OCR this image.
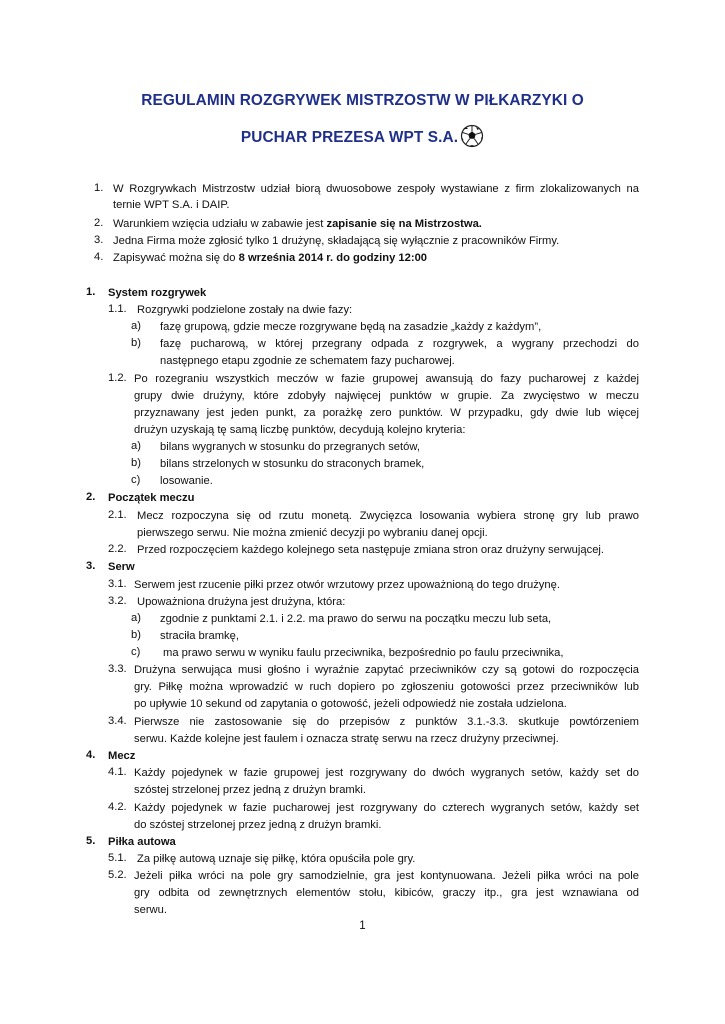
REGULAMIN ROZGRYWEK MISTRZOSTW W PIŁKARZYKI O
PUCHAR PREZESA WPT S.A.
1. W Rozgrywkach Mistrzostw udział biorą dwuosobowe zespoły wystawiane z firm zlokalizowanych na
ternie WPT S.A. i DAIP.
2. Warunkiem wzięcia udziału w zabawie jest zapisanie się na Mistrzostwa.
3. Jedna Firma może zgłosić tylko 1 drużynę, składającą się wyłącznie z pracowników Firmy.
4. Zapisywać można się do 8 września 2014 r. do godziny 12:00
1. System rozgrywek
1.1. Rozgrywki podzielone zostały na dwie fazy:
a) fazę grupową, gdzie mecze rozgrywane będą na zasadzie „każdy z każdym”,
b) fazę pucharową, w której przegrany odpada z rozgrywek, a wygrany przechodzi do
następnego etapu zgodnie ze schematem fazy pucharowej.
1.2. Po rozegraniu wszystkich meczów w fazie grupowej awansują do fazy pucharowej z każdej
grupy dwie drużyny, które zdobyły najwięcej punktów w grupie. Za zwycięstwo w meczu
przyznawany jest jeden punkt, za porażkę zero punktów. W przypadku, gdy dwie lub więcej
drużyn uzyskają tę samą liczbę punktów, decydują kolejno kryteria:
a) bilans wygranych w stosunku do przegranych setów,
b) bilans strzelonych w stosunku do straconych bramek,
c) losowanie.
2. Początek meczu
2.1. Mecz rozpoczyna się od rzutu monetą. Zwycięzca losowania wybiera stronę gry lub prawo
pierwszego serwu. Nie można zmienić decyzji po wybraniu danej opcji.
2.2. Przed rozpoczęciem każdego kolejnego seta następuje zmiana stron oraz drużyny serwującej.
3. Serw
3.1. Serwem jest rzucenie piłki przez otwór wrzutowy przez upoważnioną do tego drużynę.
3.2. Upoważniona drużyna jest drużyna, która:
a) zgodnie z punktami 2.1. i 2.2. ma prawo do serwu na początku meczu lub seta,
b) straciła bramkę,
c) ma prawo serwu w wyniku faulu przeciwnika, bezpośrednio po faulu przeciwnika,
3.3. Drużyna serwująca musi głośno i wyraźnie zapytać przeciwników czy są gotowi do rozpoczęcia
gry. Piłkę można wprowadzić w ruch dopiero po zgłoszeniu gotowości przez przeciwników lub
po upływie 10 sekund od zapytania o gotowość, jeżeli odpowiedź nie została udzielona.
3.4. Pierwsze nie zastosowanie się do przepisów z punktów 3.1.-3.3. skutkuje powtórzeniem
serwu. Każde kolejne jest faulem i oznacza stratę serwu na rzecz drużyny przeciwnej.
4. Mecz
4.1. Każdy pojedynek w fazie grupowej jest rozgrywany do dwóch wygranych setów, każdy set do
szóstej strzelonej przez jedną z drużyn bramki.
4.2. Każdy pojedynek w fazie pucharowej jest rozgrywany do czterech wygranych setów, każdy set
do szóstej strzelonej przez jedną z drużyn bramki.
5. Piłka autowa
5.1. Za piłkę autową uznaje się piłkę, która opuściła pole gry.
5.2. Jeżeli piłka wróci na pole gry samodzielnie, gra jest kontynuowana. Jeżeli piłka wróci na pole
gry odbita od zewnętrznych elementów stołu, kibiców, graczy itp., gra jest wznawiana od
serwu.
1
